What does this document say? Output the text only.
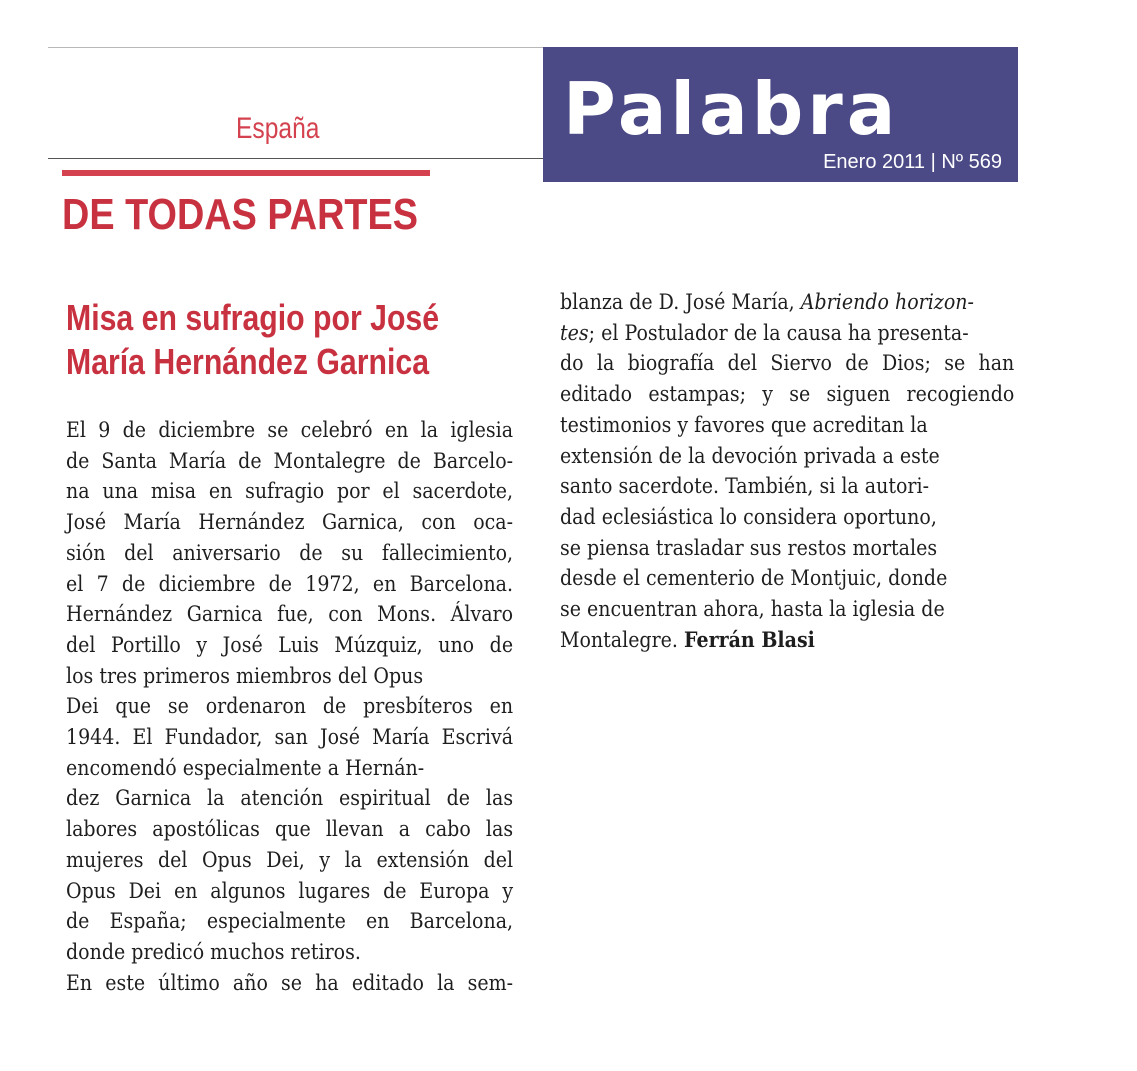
Palabra
Enero 2011 | Nº 569
España
DE TODAS PARTES
Misa en sufragio por José
María Hernández Garnica
El 9 de diciembre se celebró en la iglesia
de Santa María de Montalegre de Barcelo-
na una misa en sufragio por el sacerdote,
José María Hernández Garnica, con oca-
sión del aniversario de su fallecimiento,
el 7 de diciembre de 1972, en Barcelona.
Hernández Garnica fue, con Mons. Álvaro
del Portillo y José Luis Múzquiz, uno de
los tres primeros miembros del Opus
Dei que se ordenaron de presbíteros en
1944. El Fundador, san José María Escrivá
encomendó especialmente a Hernán-
dez Garnica la atención espiritual de las
labores apostólicas que llevan a cabo las
mujeres del Opus Dei, y la extensión del
Opus Dei en algunos lugares de Europa y
de España; especialmente en Barcelona,
donde predicó muchos retiros.
En este último año se ha editado la sem-
blanza de D. José María, Abriendo horizon-
tes; el Postulador de la causa ha presenta-
do la biografía del Siervo de Dios; se han
editado estampas; y se siguen recogiendo
testimonios y favores que acreditan la
extensión de la devoción privada a este
santo sacerdote. También, si la autori-
dad eclesiástica lo considera oportuno,
se piensa trasladar sus restos mortales
desde el cementerio de Montjuic, donde
se encuentran ahora, hasta la iglesia de
Montalegre. Ferrán Blasi
